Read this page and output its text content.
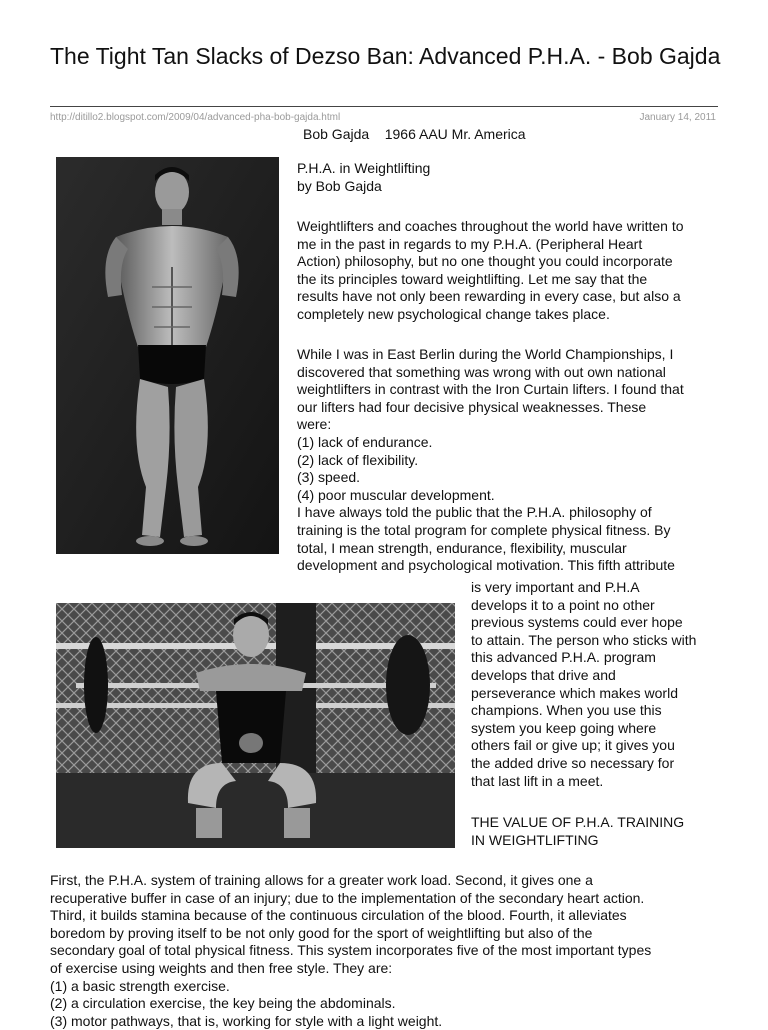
The Tight Tan Slacks of Dezso Ban: Advanced P.H.A. - Bob Gajda
http://ditillo2.blogspot.com/2009/04/advanced-pha-bob-gajda.html	January 14, 2011
Bob Gajda    1966 AAU Mr. America
P.H.A. in Weightlifting
by Bob Gajda
Weightlifters and coaches throughout the world have written to
me in the past in regards to my P.H.A. (Peripheral Heart
Action) philosophy, but no one thought you could incorporate
the its principles toward weightlifting. Let me say that the
results have not only been rewarding in every case, but also a
completely new psychological change takes place.
While I was in East Berlin during the World Championships, I
discovered that something was wrong with out own national
weightlifters in contrast with the Iron Curtain lifters. I found that
our lifters had four decisive physical weaknesses. These
were:
(1) lack of endurance.
(2) lack of flexibility.
(3) speed.
(4) poor muscular development.
I have always told the public that the P.H.A. philosophy of
training is the total program for complete physical fitness. By
total, I mean strength, endurance, flexibility, muscular
development and psychological motivation. This fifth attribute
is very important and P.H.A
develops it to a point no other
previous systems could ever hope
to attain. The person who sticks with
this advanced P.H.A. program
develops that drive and
perseverance which makes world
champions. When you use this
system you keep going where
others fail or give up; it gives you
the added drive so necessary for
that last lift in a meet.
THE VALUE OF P.H.A. TRAINING
IN WEIGHTLIFTING
First, the P.H.A. system of training allows for a greater work load. Second, it gives one a
recuperative buffer in case of an injury; due to the implementation of the secondary heart action.
Third, it builds stamina because of the continuous circulation of the blood. Fourth, it alleviates
boredom by proving itself to be not only good for the sport of weightlifting but also of the
secondary goal of total physical fitness. This system incorporates five of the most important types
of exercise using weights and then free style. They are:
(1) a basic strength exercise.
(2) a circulation exercise, the key being the abdominals.
(3) motor pathways, that is, working for style with a light weight.
